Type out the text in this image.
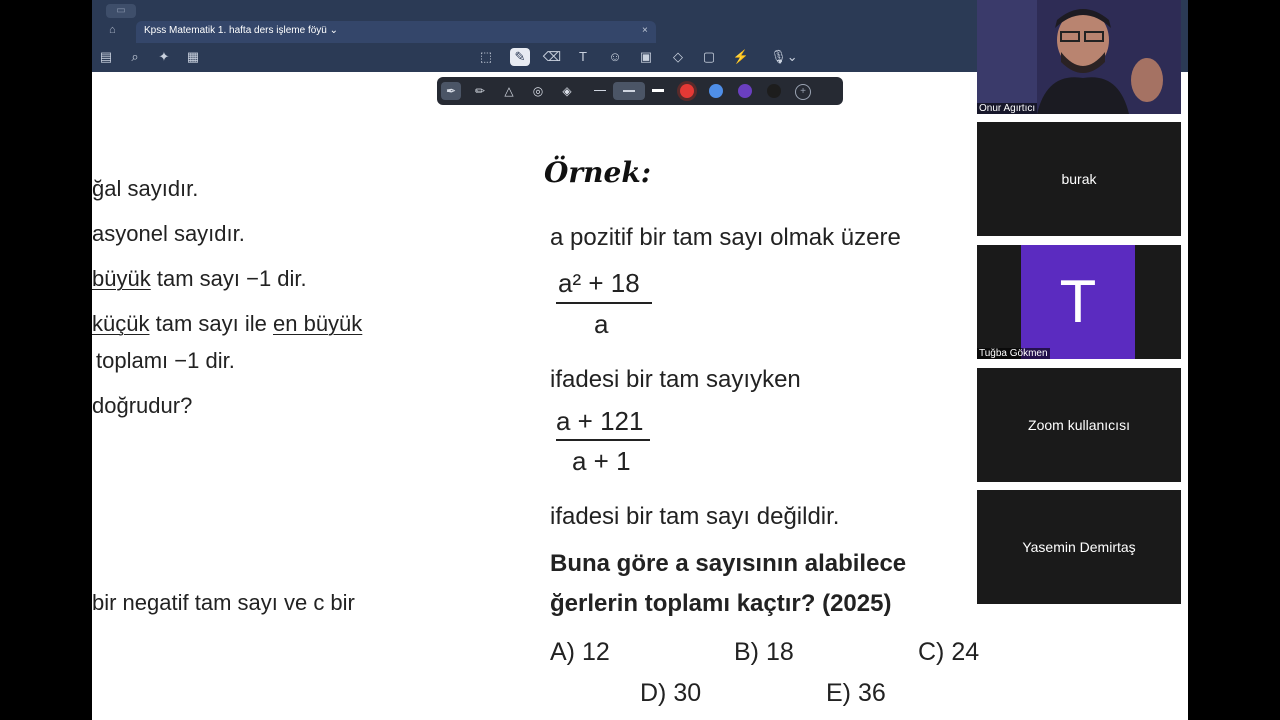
▭
⌂	Kpss Matematik 1. hafta ders işleme föyü ⌄	×
▤	⌕	✦	▦	⬚	✎	⌫	T	☺ ▣	◇	▢ ⚡ 🎙⌄
✒	✏	△	◎	◈	+
ğal sayıdır.
asyonel sayıdır.
büyük tam sayı −1 dir.
küçük tam sayı ile en büyük
toplamı −1 dir.
doğrudur?
bir negatif tam sayı ve c bir
Örnek:
a pozitif bir tam sayı olmak üzere
a² + 18
a
ifadesi bir tam sayıyken
a + 121
a + 1
ifadesi bir tam sayı değildir.
Buna göre a sayısının alabilece
ğerlerin toplamı kaçtır? (2025)
A) 12	B) 18	C) 24
D) 30	E) 36
Onur Agırtıcı
burak
T
Tuğba Gökmen
Zoom kullanıcısı
Yasemin Demirtaş
